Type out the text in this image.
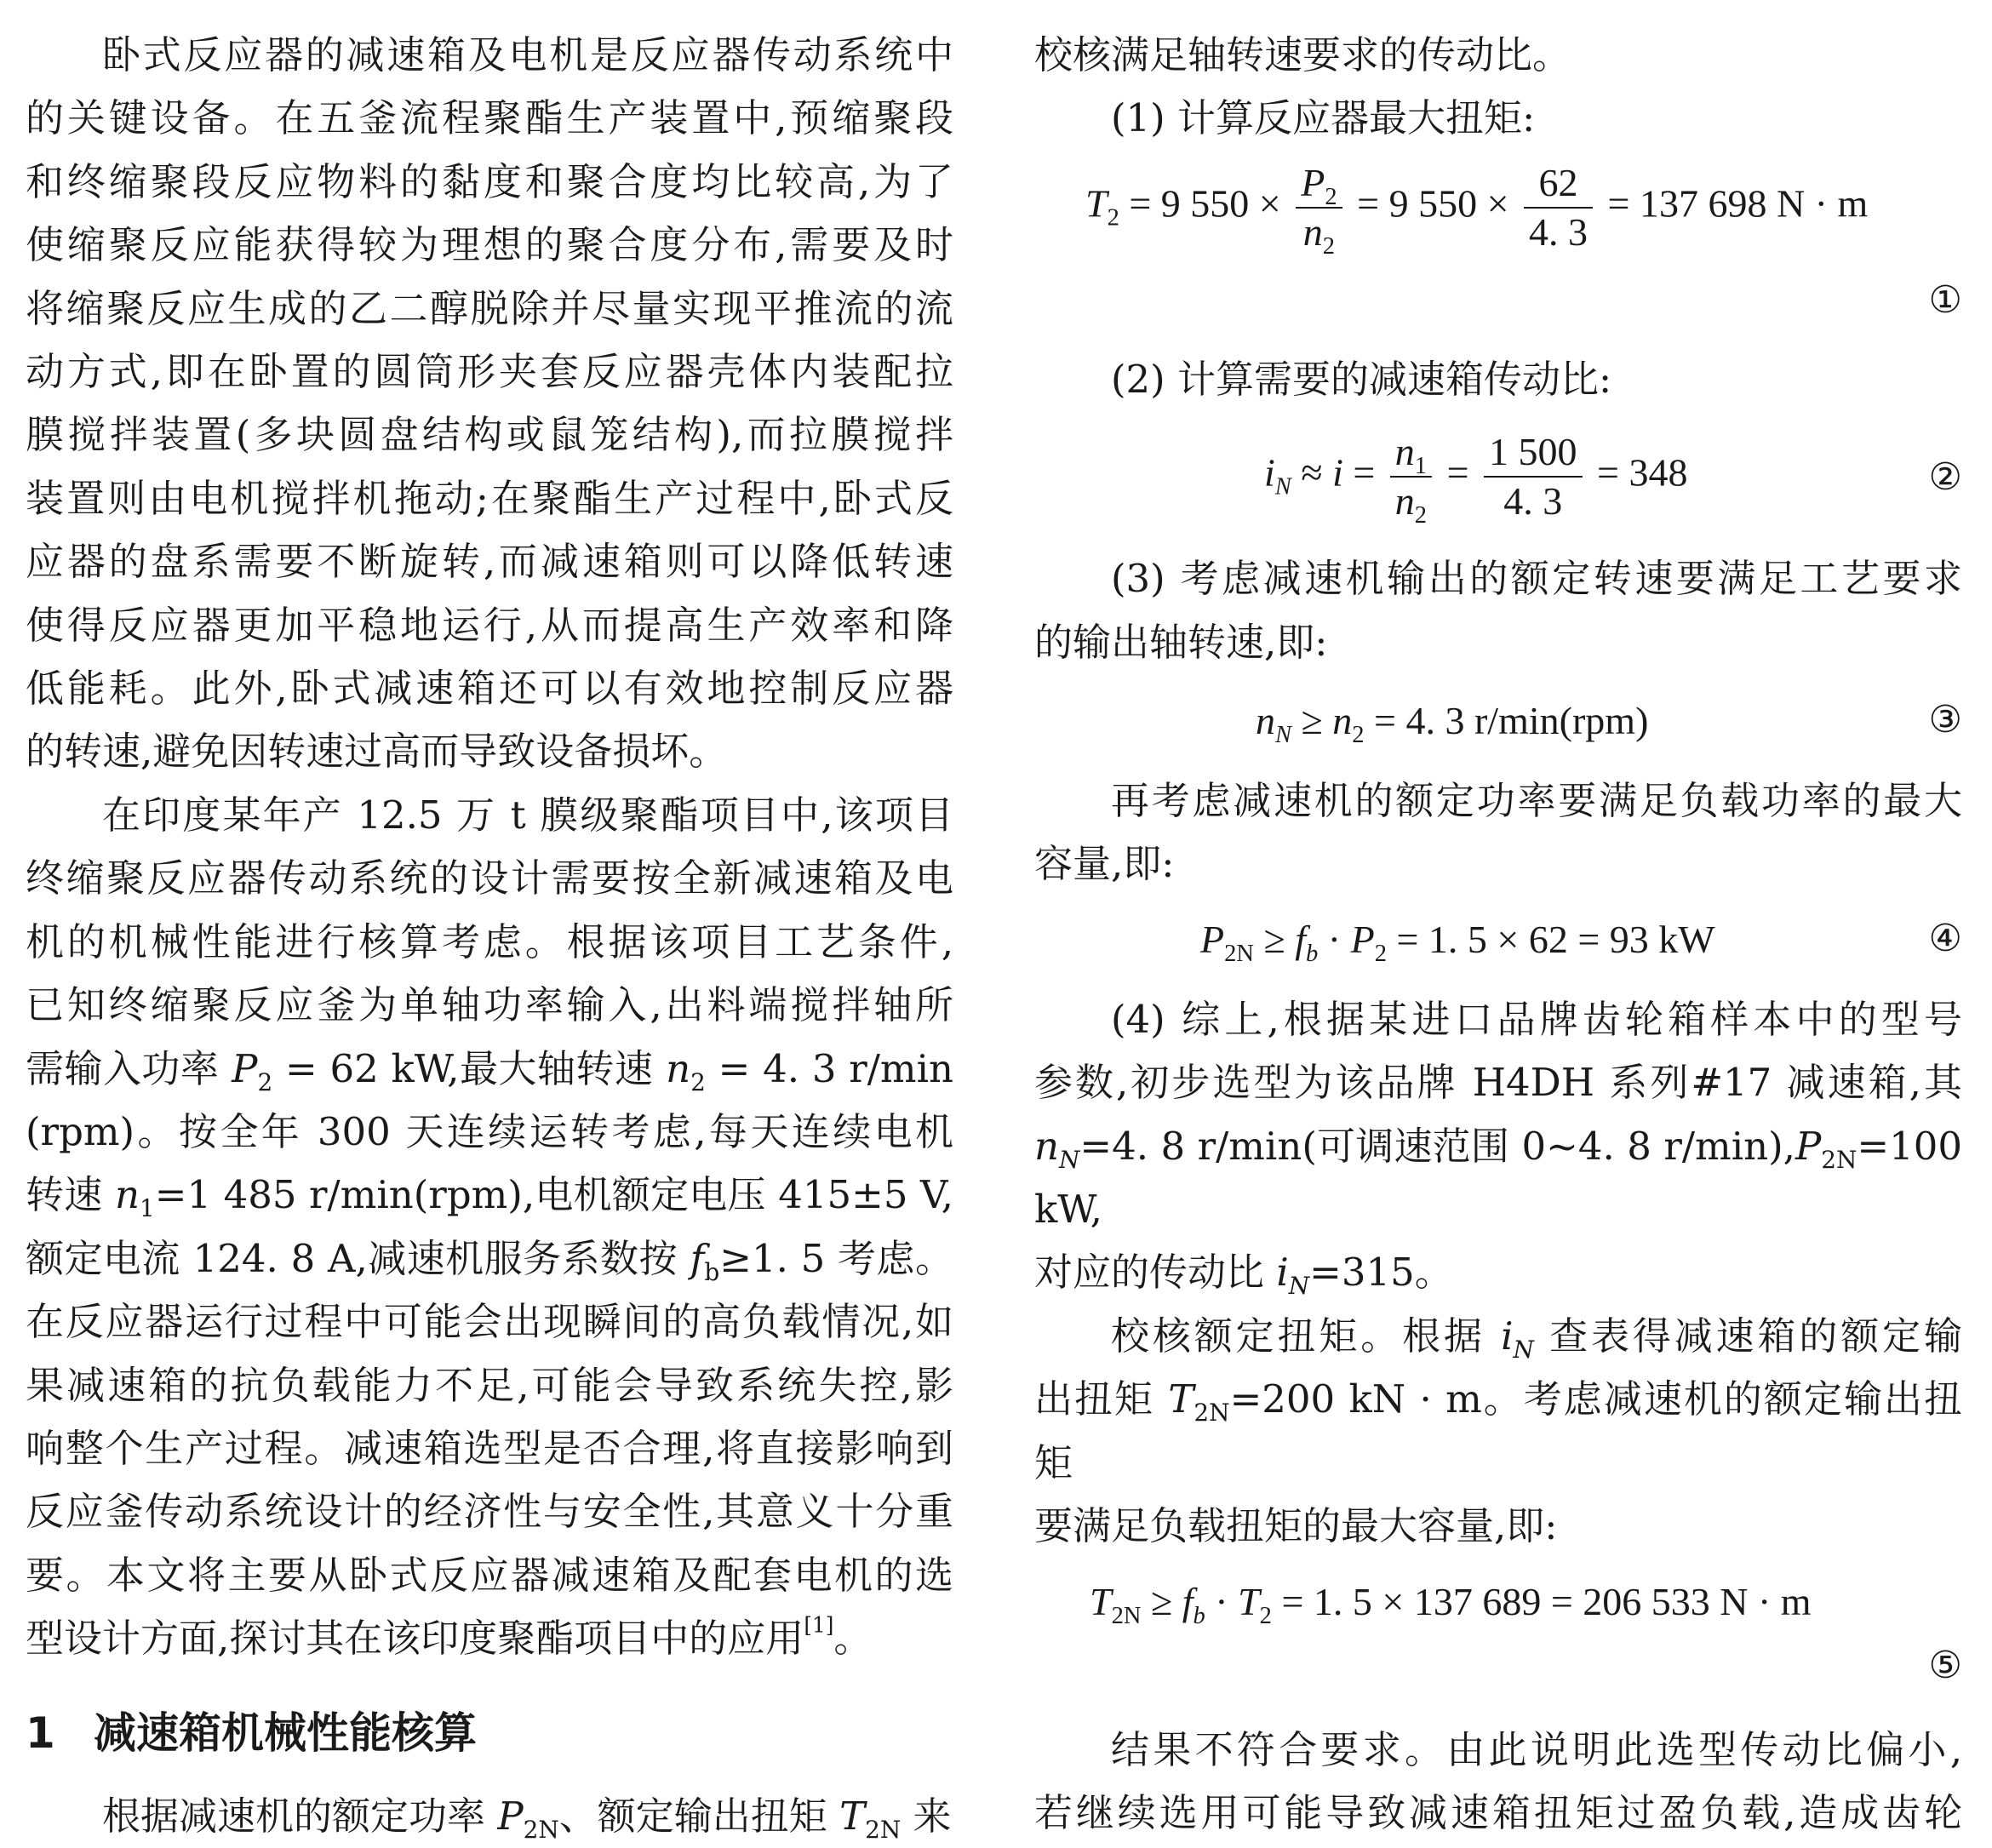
卧式反应器的减速箱及电机是反应器传动系统中

的关键设备。在五釜流程聚酯生产装置中,预缩聚段

和终缩聚段反应物料的黏度和聚合度均比较高,为了

使缩聚反应能获得较为理想的聚合度分布,需要及时

将缩聚反应生成的乙二醇脱除并尽量实现平推流的流

动方式,即在卧置的圆筒形夹套反应器壳体内装配拉

膜搅拌装置(多块圆盘结构或鼠笼结构),而拉膜搅拌

装置则由电机搅拌机拖动;在聚酯生产过程中,卧式反

应器的盘系需要不断旋转,而减速箱则可以降低转速

使得反应器更加平稳地运行,从而提高生产效率和降

低能耗。此外,卧式减速箱还可以有效地控制反应器

的转速,避免因转速过高而导致设备损坏。

在印度某年产 12.5 万 t 膜级聚酯项目中,该项目

终缩聚反应器传动系统的设计需要按全新减速箱及电

机的机械性能进行核算考虑。根据该项目工艺条件,

已知终缩聚反应釜为单轴功率输入,出料端搅拌轴所

需输入功率 $P_2 = 62$ kW,最大轴转速 $n_2 = 4$. 3 r/min

(rpm)。按全年 300 天连续运转考虑,每天连续电机

转速 $n_1=1$ 485 r/min(rpm),电机额定电压 415±5 V,

额定电流 124. 8 A,减速机服务系数按 $f_b\ge 1$. 5 考虑。

在反应器运行过程中可能会出现瞬间的高负载情况,如

果减速箱的抗负载能力不足,可能会导致系统失控,影

响整个生产过程。减速箱选型是否合理,将直接影响到

反应釜传动系统设计的经济性与安全性,其意义十分重

要。本文将主要从卧式反应器减速箱及配套电机的选

型设计方面,探讨其在该印度聚酯项目中的应用[1]。

1 减速箱机械性能核算

根据减速机的额定功率 $P_{2N}$、额定输出扭矩 $T_{2N}$ 来

校核满足轴转速要求的传动比。

(1) 计算反应器最大扭矩:

$T_2 = 9$ $550 \times \frac{P_2}{n_2} = 9$ $550 \times \frac{62}{4. 3} = 137$ 698 N · m
①

(2) 计算需要的减速箱传动比:

$i_N \approx i = \frac{n_1}{n_2} = \frac{1 500}{4. 3} = 348$	②

(3) 考虑减速机输出的额定转速要满足工艺要求

的输出轴转速,即:

$n_N \ge n_2 = 4$. 3 r/min(rpm)	③

再考虑减速机的额定功率要满足负载功率的最大

容量,即:

$P_{2N} \ge f_b \cdot P_2 = 1$. 5 × 62 = 93 kW	④

(4) 综上,根据某进口品牌齿轮箱样本中的型号

参数,初步选型为该品牌 H4DH 系列#17 减速箱,其

$n_N=4$. 8 r/min(可调速范围 0~4. 8 $r/\min),P_{2N}=100$ kW,

对应的传动比 $i_N=315$。

校核额定扭矩。根据 $i_N$ 查表得减速箱的额定输

出扭矩 $T_{2N}=200$ kN · m。考虑减速机的额定输出扭矩

要满足负载扭矩的最大容量,即:

$T_{2N} \ge f_b \cdot T_2 = 1$. 5 × 137 689 = 206 533 N · m
⑤

结果不符合要求。由此说明此选型传动比偏小,

若继续选用可能导致减速箱扭矩过盈负载,造成齿轮
